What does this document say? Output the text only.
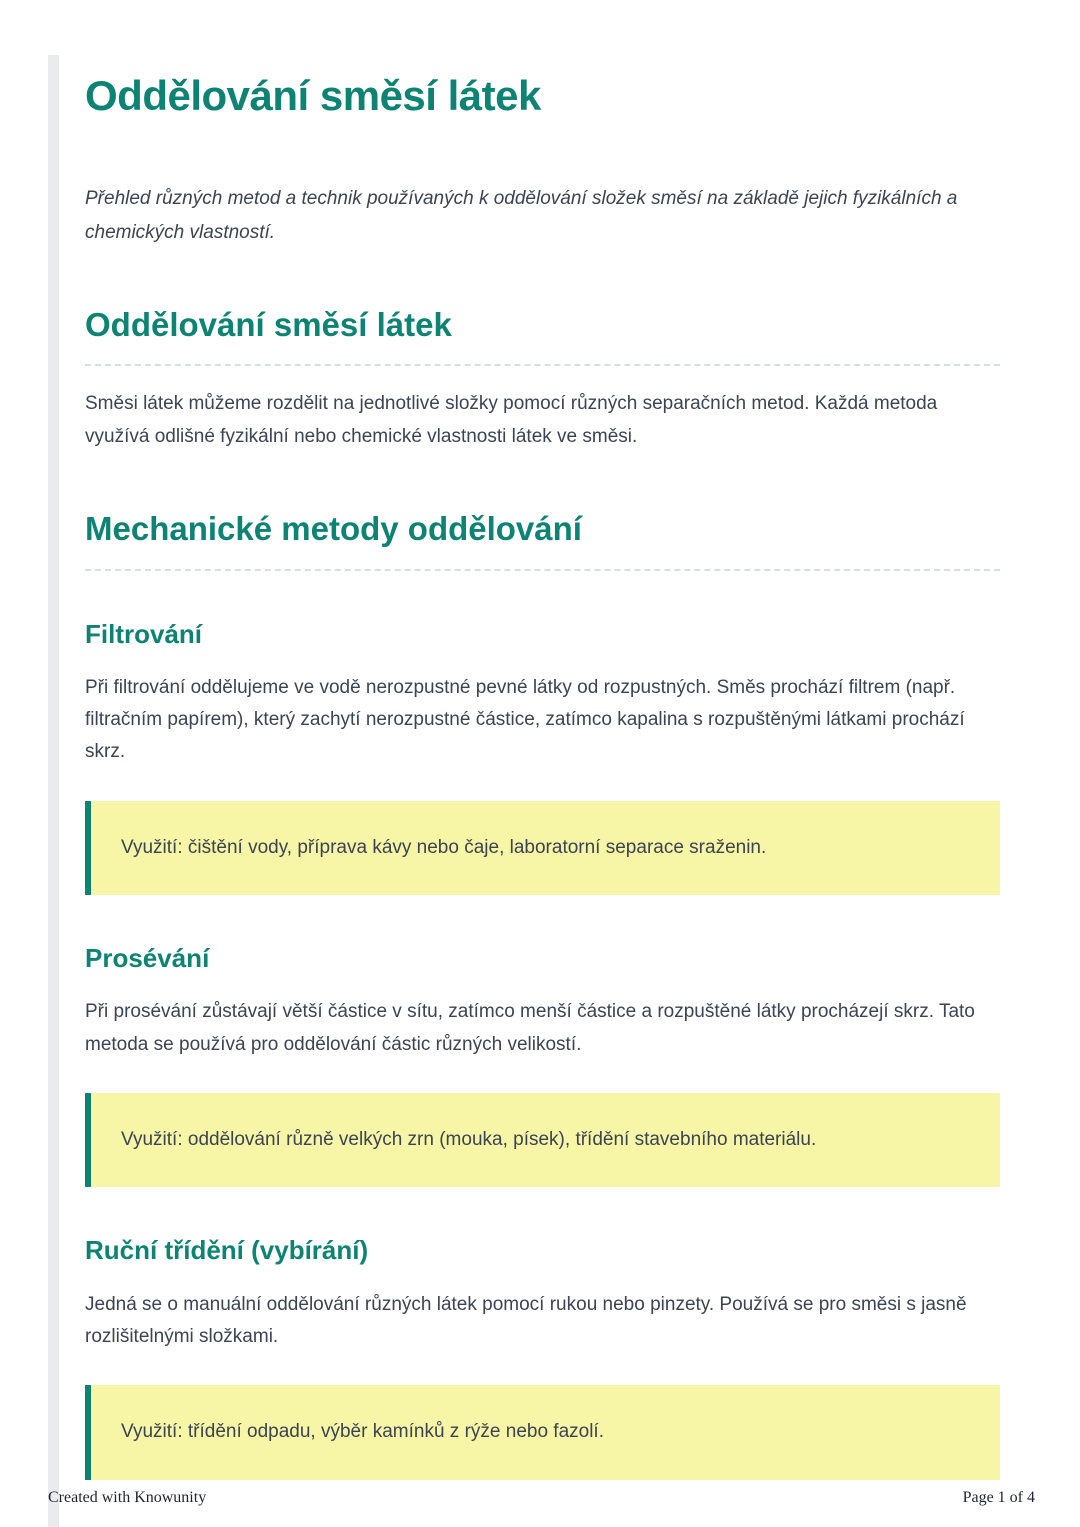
Oddělování směsí látek

Přehled různých metod a technik používaných k oddělování složek směsí na základě jejich fyzikálních a chemických vlastností.

Oddělování směsí látek

Směsi látek můžeme rozdělit na jednotlivé složky pomocí různých separačních metod. Každá metoda využívá odlišné fyzikální nebo chemické vlastnosti látek ve směsi.

Mechanické metody oddělování
Filtrování

Při filtrování oddělujeme ve vodě nerozpustné pevné látky od rozpustných. Směs prochází filtrem (např. filtračním papírem), který zachytí nerozpustné částice, zatímco kapalina s rozpuštěnými látkami prochází skrz.

Využití: čištění vody, příprava kávy nebo čaje, laboratorní separace sraženin.

Prosévání

Při prosévání zůstávají větší částice v sítu, zatímco menší částice a rozpuštěné látky procházejí skrz. Tato metoda se používá pro oddělování částic různých velikostí.

Využití: oddělování různě velkých zrn (mouka, písek), třídění stavebního materiálu.

Ruční třídění (vybírání)

Jedná se o manuální oddělování různých látek pomocí rukou nebo pinzety. Používá se pro směsi s jasně rozlišitelnými složkami.

Využití: třídění odpadu, výběr kamínků z rýže nebo fazolí.

Created with Knowunity	Page 1 of 4
